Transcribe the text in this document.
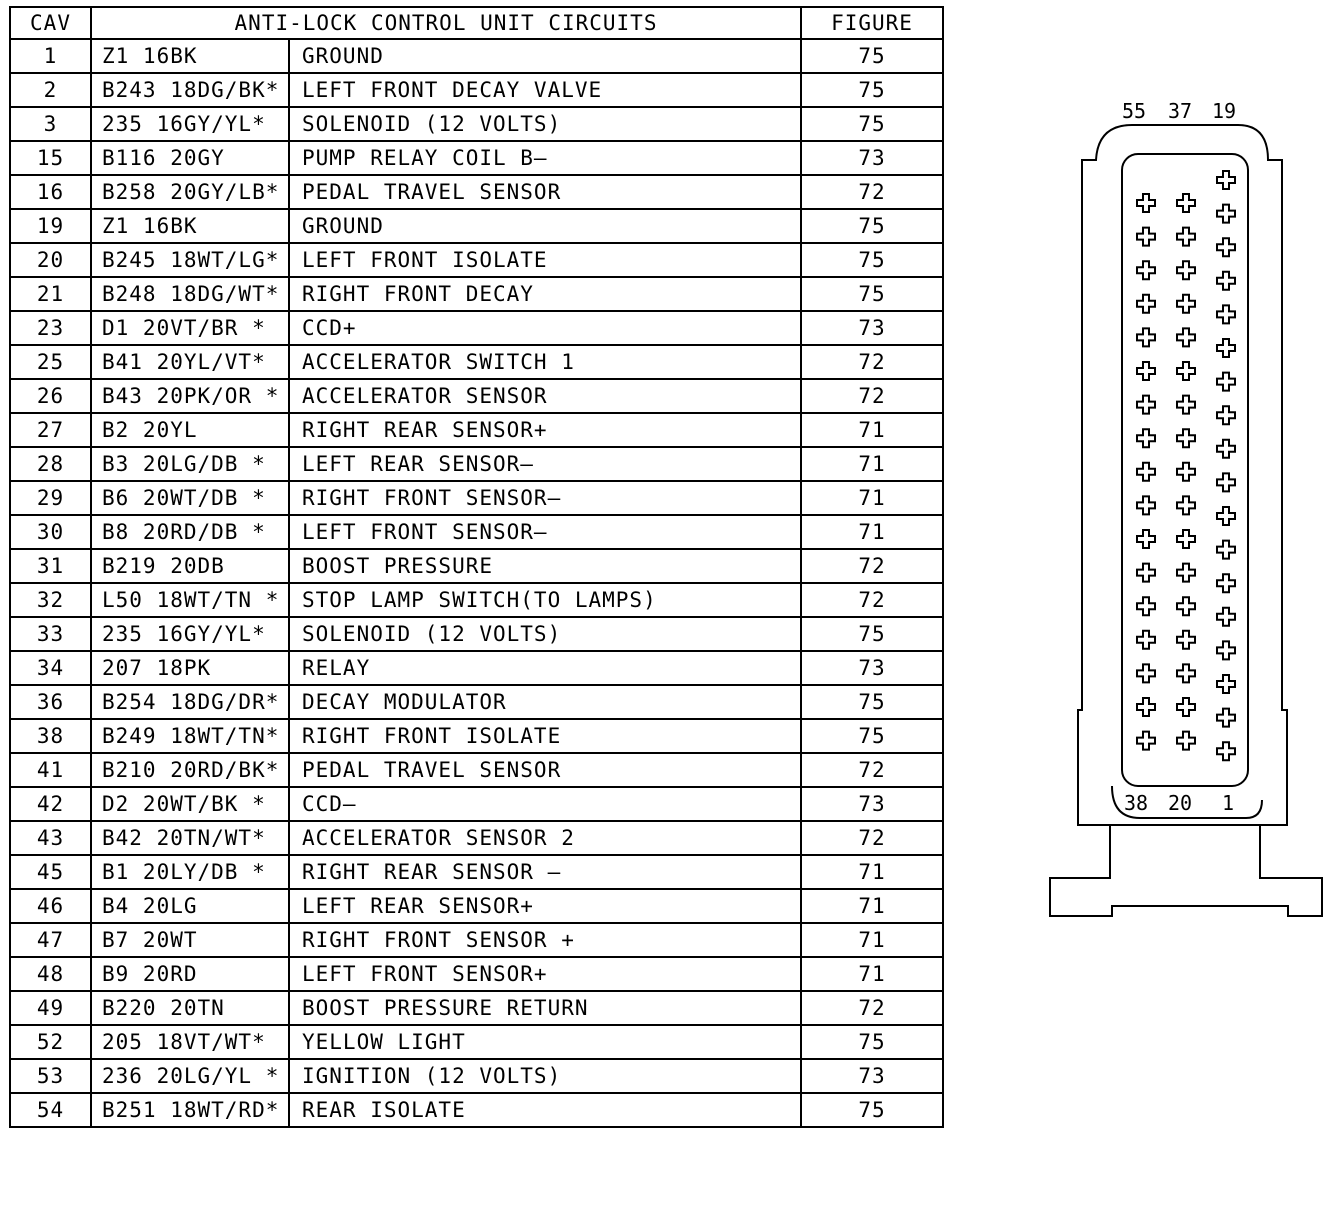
CAV	ANTI-LOCK CONTROL UNIT CIRCUITS		FIGURE
1	Z1 16BK	GROUND	75
2	B243 18DG/BK*	LEFT FRONT DECAY VALVE	75
3	235 16GY/YL*	SOLENOID (12 VOLTS)	75
15	B116 20GY	PUMP RELAY COIL B—	73
16	B258 20GY/LB*	PEDAL TRAVEL SENSOR	72
19	Z1 16BK	GROUND	75
20	B245 18WT/LG*	LEFT FRONT ISOLATE	75
21	B248 18DG/WT*	RIGHT FRONT DECAY	75
23	D1 20VT/BR *	CCD+	73
25	B41 20YL/VT*	ACCELERATOR SWITCH 1	72
26	B43 20PK/OR *	ACCELERATOR SENSOR	72
27	B2 20YL	RIGHT REAR SENSOR+	71
28	B3 20LG/DB *	LEFT REAR SENSOR—	71
29	B6 20WT/DB *	RIGHT FRONT SENSOR—	71
30	B8 20RD/DB *	LEFT FRONT SENSOR—	71
31	B219 20DB	BOOST PRESSURE	72
32	L50 18WT/TN *	STOP LAMP SWITCH(TO LAMPS)	72
33	235 16GY/YL*	SOLENOID (12 VOLTS)	75
34	207 18PK	RELAY	73
36	B254 18DG/DR*	DECAY MODULATOR	75
38	B249 18WT/TN*	RIGHT FRONT ISOLATE	75
41	B210 20RD/BK*	PEDAL TRAVEL SENSOR	72
42	D2 20WT/BK *	CCD—	73
43	B42 20TN/WT*	ACCELERATOR SENSOR 2	72
45	B1 20LY/DB *	RIGHT REAR SENSOR —	71
46	B4 20LG	LEFT REAR SENSOR+	71
47	B7 20WT	RIGHT FRONT SENSOR +	71
48	B9 20RD	LEFT FRONT SENSOR+	71
49	B220 20TN	BOOST PRESSURE RETURN	72
52	205 18VT/WT*	YELLOW LIGHT	75
53	236 20LG/YL *	IGNITION (12 VOLTS)	73
54	B251 18WT/RD*	REAR ISOLATE	75
55 37 19
38 20 1
